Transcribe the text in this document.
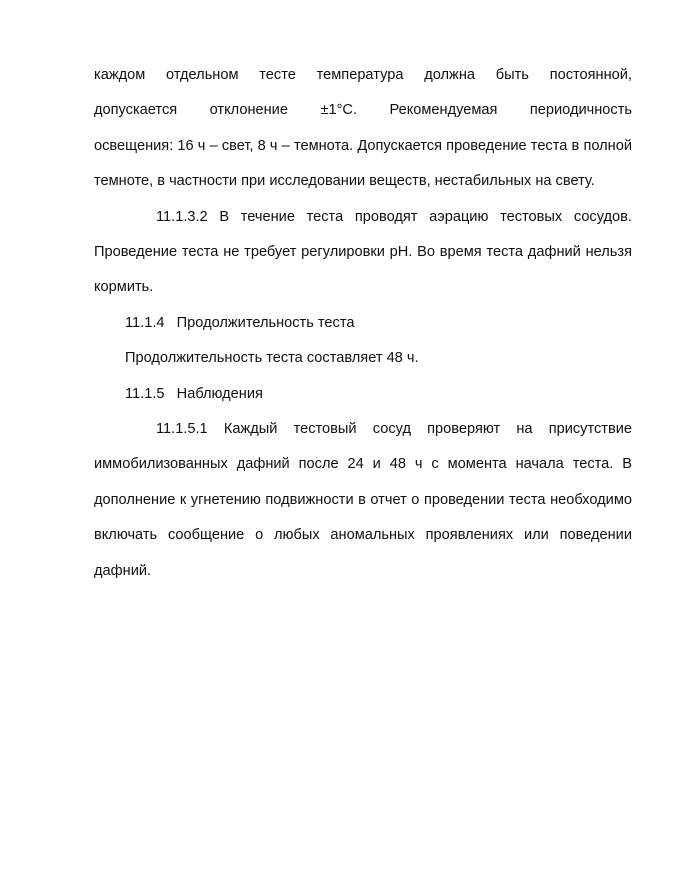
каждом отдельном тесте температура должна быть постоянной,
допускается отклонение ±1°С. Рекомендуемая периодичность
освещения: 16 ч – свет, 8 ч – темнота. Допускается проведение теста в полной темноте, в частности при исследовании веществ, нестабильных на свету.

11.1.3.2 В течение теста проводят аэрацию тестовых сосудов. Проведение теста не требует регулировки рН. Во время теста дафний нельзя кормить.

11.1.4 Продолжительность теста

Продолжительность теста составляет 48 ч.

11.1.5 Наблюдения

11.1.5.1 Каждый тестовый сосуд проверяют на присутствие иммобилизованных дафний после 24 и 48 ч с момента начала теста. В дополнение к угнетению подвижности в отчет о проведении теста необходимо включать сообщение о любых аномальных проявлениях или поведении дафний.
